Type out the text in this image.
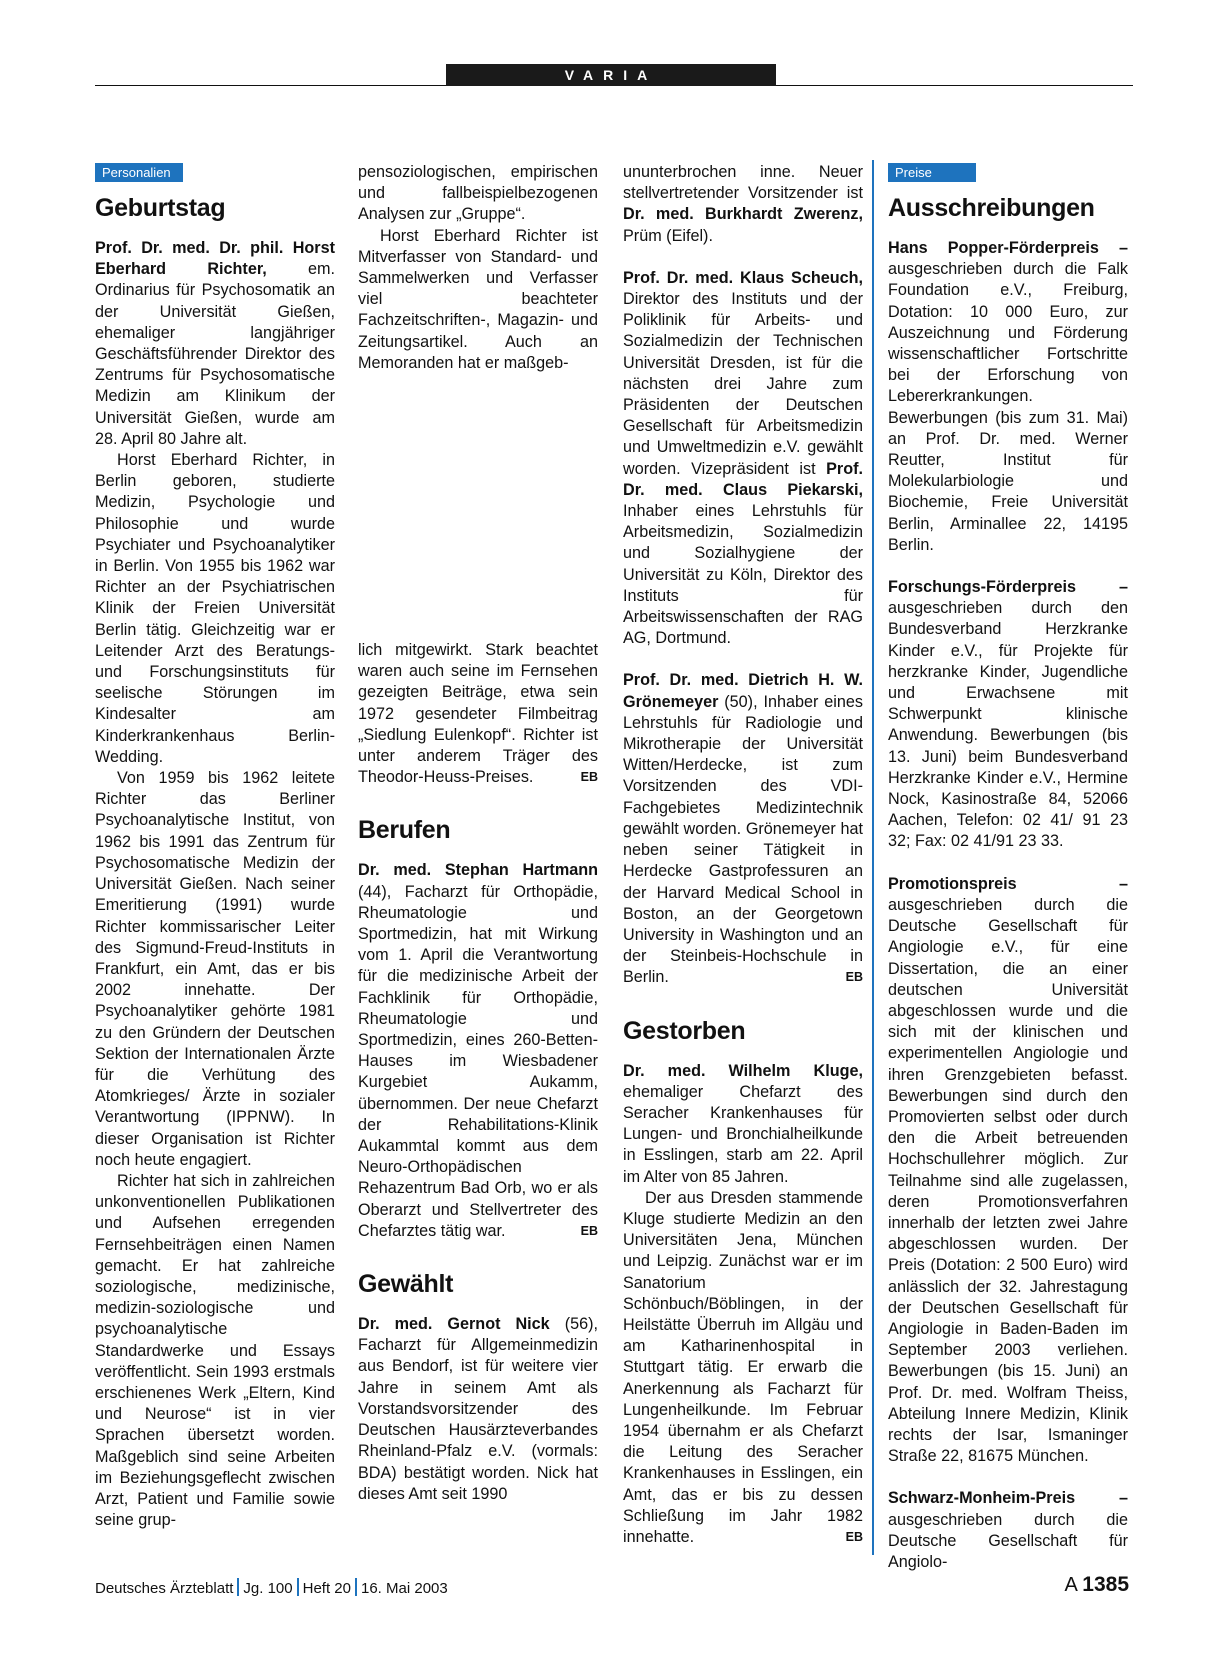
VARIA
Personalien
Geburtstag

Prof. Dr. med. Dr. phil. Horst Eberhard Richter, em. Ordinarius für Psychosomatik an der Universität Gießen, ehemaliger langjähriger Geschäftsführender Direktor des Zentrums für Psychosomatische Medizin am Klinikum der Universität Gießen, wurde am 28. April 80 Jahre alt.

Horst Eberhard Richter, in Berlin geboren, studierte Medizin, Psychologie und Philosophie und wurde Psychiater und Psychoanalytiker in Berlin. Von 1955 bis 1962 war Richter an der Psychiatrischen Klinik der Freien Universität Berlin tätig. Gleichzeitig war er Leitender Arzt des Beratungs- und Forschungsinstituts für seelische Störungen im Kindesalter am Kinderkrankenhaus Berlin-Wedding.

Von 1959 bis 1962 leitete Richter das Berliner Psychoanalytische Institut, von 1962 bis 1991 das Zentrum für Psychosomatische Medizin der Universität Gießen. Nach seiner Emeritierung (1991) wurde Richter kommissarischer Leiter des Sigmund-Freud-Instituts in Frankfurt, ein Amt, das er bis 2002 innehatte. Der Psychoanalytiker gehörte 1981 zu den Gründern der Deutschen Sektion der Internationalen Ärzte für die Verhütung des Atomkrieges/ Ärzte in sozialer Verantwortung (IPPNW). In dieser Organisation ist Richter noch heute engagiert.

Richter hat sich in zahlreichen unkonventionellen Publikationen und Aufsehen erregenden Fernsehbeiträgen einen Namen gemacht. Er hat zahlreiche soziologische, medizinische, medizin-soziologische und psychoanalytische Standardwerke und Essays veröffentlicht. Sein 1993 erstmals erschienenes Werk „Eltern, Kind und Neurose“ ist in vier Sprachen übersetzt worden. Maßgeblich sind seine Arbeiten im Beziehungsgeflecht zwischen Arzt, Patient und Familie sowie seine grup-

pensoziologischen, empirischen und fallbeispielbezogenen Analysen zur „Gruppe“.

Horst Eberhard Richter ist Mitverfasser von Standard- und Sammelwerken und Verfasser viel beachteter Fachzeitschriften-, Magazin- und Zeitungsartikel. Auch an Memoranden hat er maßgeb-

lich mitgewirkt. Stark beachtet waren auch seine im Fernsehen gezeigten Beiträge, etwa sein 1972 gesendeter Filmbeitrag „Siedlung Eulenkopf“. Richter ist unter anderem Träger des Theodor-Heuss-Preises.	EB

Berufen

Dr. med. Stephan Hartmann (44), Facharzt für Orthopädie, Rheumatologie und Sportmedizin, hat mit Wirkung vom 1. April die Verantwortung für die medizinische Arbeit der Fachklinik für Orthopädie, Rheumatologie und Sportmedizin, eines 260-Betten-Hauses im Wiesbadener Kurgebiet Aukamm, übernommen. Der neue Chefarzt der Rehabilitations-Klinik Aukammtal kommt aus dem Neuro-Orthopädischen Rehazentrum Bad Orb, wo er als Oberarzt und Stellvertreter des Chefarztes tätig war.	EB

Gewählt

Dr. med. Gernot Nick (56), Facharzt für Allgemeinmedizin aus Bendorf, ist für weitere vier Jahre in seinem Amt als Vorstandsvorsitzender des Deutschen Hausärzteverbandes Rheinland-Pfalz e.V. (vormals: BDA) bestätigt worden. Nick hat dieses Amt seit 1990

ununterbrochen inne. Neuer stellvertretender Vorsitzender ist Dr. med. Burkhardt Zwerenz, Prüm (Eifel).

Prof. Dr. med. Klaus Scheuch, Direktor des Instituts und der Poliklinik für Arbeits- und Sozialmedizin der Technischen Universität Dresden, ist für die nächsten drei Jahre zum Präsidenten der Deutschen Gesellschaft für Arbeitsmedizin und Umweltmedizin e.V. gewählt worden. Vizepräsident ist Prof. Dr. med. Claus Piekarski, Inhaber eines Lehrstuhls für Arbeitsmedizin, Sozialmedizin und Sozialhygiene der Universität zu Köln, Direktor des Instituts für Arbeitswissenschaften der RAG AG, Dortmund.

Prof. Dr. med. Dietrich H. W. Grönemeyer (50), Inhaber eines Lehrstuhls für Radiologie und Mikrotherapie der Universität Witten/Herdecke, ist zum Vorsitzenden des VDI-Fachgebietes Medizintechnik gewählt worden. Grönemeyer hat neben seiner Tätigkeit in Herdecke Gastprofessuren an der Harvard Medical School in Boston, an der Georgetown University in Washington und an der Steinbeis-Hochschule in Berlin.	EB

Gestorben

Dr. med. Wilhelm Kluge, ehemaliger Chefarzt des Seracher Krankenhauses für Lungen- und Bronchialheilkunde in Esslingen, starb am 22. April im Alter von 85 Jahren.

Der aus Dresden stammende Kluge studierte Medizin an den Universitäten Jena, München und Leipzig. Zunächst war er im Sanatorium Schönbuch/Böblingen, in der Heilstätte Überruh im Allgäu und am Katharinenhospital in Stuttgart tätig. Er erwarb die Anerkennung als Facharzt für Lungenheilkunde. Im Februar 1954 übernahm er als Chefarzt die Leitung des Seracher Krankenhauses in Esslingen, ein Amt, das er bis zu dessen Schließung im Jahr 1982 innehatte.	EB

Preise
Ausschreibungen

Hans Popper-Förderpreis – ausgeschrieben durch die Falk Foundation e.V., Freiburg, Dotation: 10 000 Euro, zur Auszeichnung und Förderung wissenschaftlicher Fortschritte bei der Erforschung von Lebererkrankungen. Bewerbungen (bis zum 31. Mai) an Prof. Dr. med. Werner Reutter, Institut für Molekularbiologie und Biochemie, Freie Universität Berlin, Arminallee 22, 14195 Berlin.

Forschungs-Förderpreis – ausgeschrieben durch den Bundesverband Herzkranke Kinder e.V., für Projekte für herzkranke Kinder, Jugendliche und Erwachsene mit Schwerpunkt klinische Anwendung. Bewerbungen (bis 13. Juni) beim Bundesverband Herzkranke Kinder e.V., Hermine Nock, Kasinostraße 84, 52066 Aachen, Telefon: 02 41/ 91 23 32; Fax: 02 41/91 23 33.

Promotionspreis – ausgeschrieben durch die Deutsche Gesellschaft für Angiologie e.V., für eine Dissertation, die an einer deutschen Universität abgeschlossen wurde und die sich mit der klinischen und experimentellen Angiologie und ihren Grenzgebieten befasst. Bewerbungen sind durch den Promovierten selbst oder durch den die Arbeit betreuenden Hochschullehrer möglich. Zur Teilnahme sind alle zugelassen, deren Promotionsverfahren innerhalb der letzten zwei Jahre abgeschlossen wurden. Der Preis (Dotation: 2 500 Euro) wird anlässlich der 32. Jahrestagung der Deutschen Gesellschaft für Angiologie in Baden-Baden im September 2003 verliehen. Bewerbungen (bis 15. Juni) an Prof. Dr. med. Wolfram Theiss, Abteilung Innere Medizin, Klinik rechts der Isar, Ismaninger Straße 22, 81675 München.

Schwarz-Monheim-Preis – ausgeschrieben durch die Deutsche Gesellschaft für Angiolo-

Deutsches Ärzteblatt Jg. 100 Heft 20 16. Mai 2003	A 1385
